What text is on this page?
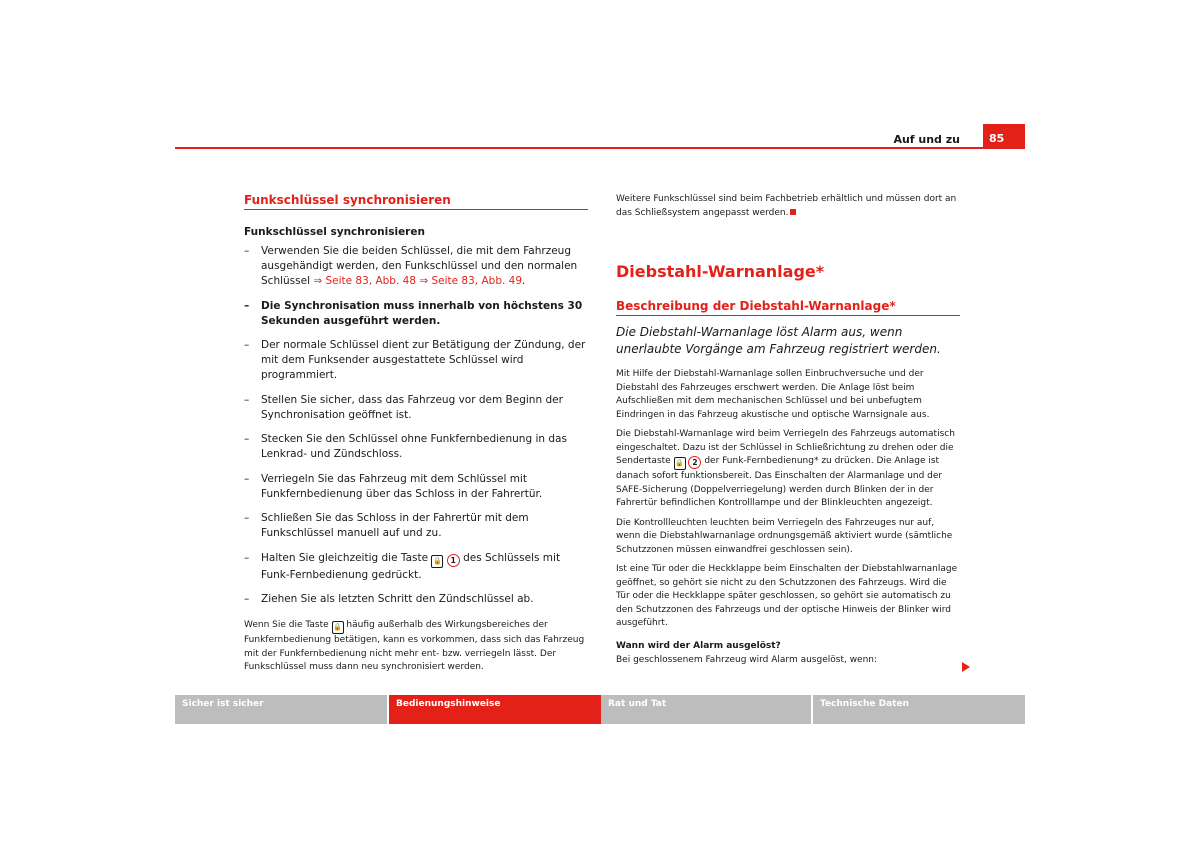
Auf und zu	85
Funkschlüssel synchronisieren
Funkschlüssel synchronisieren
– Verwenden Sie die beiden Schlüssel, die mit dem Fahrzeug ausgehändigt werden, den Funkschlüssel und den normalen Schlüssel ⇒ Seite 83, Abb. 48 ⇒ Seite 83, Abb. 49.
– Die Synchronisation muss innerhalb von höchstens 30 Sekunden ausgeführt werden.
– Der normale Schlüssel dient zur Betätigung der Zündung, der mit dem Funksender ausgestattete Schlüssel wird programmiert.
– Stellen Sie sicher, dass das Fahrzeug vor dem Beginn der Synchronisation geöffnet ist.
– Stecken Sie den Schlüssel ohne Funkfernbedienung in das Lenkrad- und Zündschloss.
– Verriegeln Sie das Fahrzeug mit dem Schlüssel mit Funkfernbedienung über das Schloss in der Fahrertür.
– Schließen Sie das Schloss in der Fahrertür mit dem Funkschlüssel manuell auf und zu.
– Halten Sie gleichzeitig die Taste 🔒 1 des Schlüssels mit Funk-Fernbedienung gedrückt.
– Ziehen Sie als letzten Schritt den Zündschlüssel ab.

Wenn Sie die Taste 🔒 häufig außerhalb des Wirkungsbereiches der Funkfernbedienung betätigen, kann es vorkommen, dass sich das Fahrzeug mit der Funkfernbedienung nicht mehr ent- bzw. verriegeln lässt. Der Funkschlüssel muss dann neu synchronisiert werden.

Weitere Funkschlüssel sind beim Fachbetrieb erhältlich und müssen dort an das Schließsystem angepasst werden.

Diebstahl-Warnanlage*
Beschreibung der Diebstahl-Warnanlage*

Die Diebstahl-Warnanlage löst Alarm aus, wenn unerlaubte Vorgänge am Fahrzeug registriert werden.

Mit Hilfe der Diebstahl-Warnanlage sollen Einbruchversuche und der Diebstahl des Fahrzeuges erschwert werden. Die Anlage löst beim Aufschließen mit dem mechanischen Schlüssel und bei unbefugtem Eindringen in das Fahrzeug akustische und optische Warnsignale aus.

Die Diebstahl-Warnanlage wird beim Verriegeln des Fahrzeugs automatisch eingeschaltet. Dazu ist der Schlüssel in Schließrichtung zu drehen oder die Sendertaste 🔒 2 der Funk-Fernbedienung* zu drücken. Die Anlage ist danach sofort funktionsbereit. Das Einschalten der Alarmanlage und der SAFE-Sicherung (Doppelverriegelung) werden durch Blinken der in der Fahrertür befindlichen Kontrolllampe und der Blinkleuchten angezeigt.

Die Kontrollleuchten leuchten beim Verriegeln des Fahrzeuges nur auf, wenn die Diebstahlwarnanlage ordnungsgemäß aktiviert wurde (sämtliche Schutzzonen müssen einwandfrei geschlossen sein).

Ist eine Tür oder die Heckklappe beim Einschalten der Diebstahlwarnanlage geöffnet, so gehört sie nicht zu den Schutzzonen des Fahrzeugs. Wird die Tür oder die Heckklappe später geschlossen, so gehört sie automatisch zu den Schutzzonen des Fahrzeugs und der optische Hinweis der Blinker wird ausgeführt.

Wann wird der Alarm ausgelöst?

Bei geschlossenem Fahrzeug wird Alarm ausgelöst, wenn:

Sicher ist sicher	Bedienungshinweise	Rat und Tat	Technische Daten
